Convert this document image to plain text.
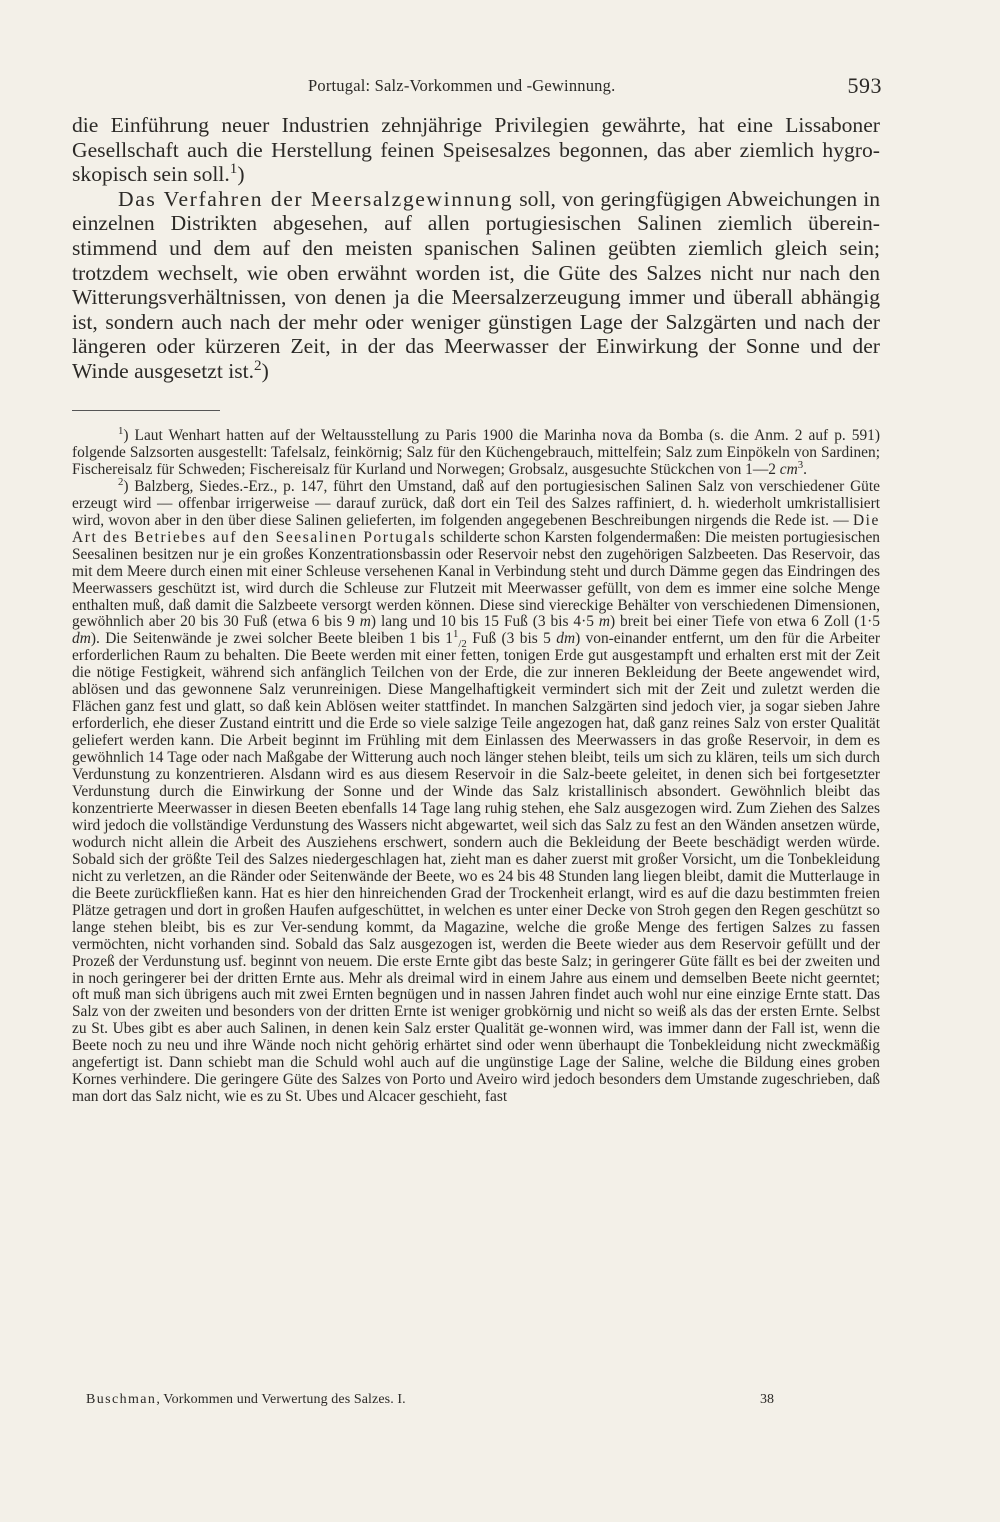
Portugal: Salz-Vorkommen und -Gewinnung.	593

die Einführung neuer Industrien zehnjährige Privilegien gewährte, hat eine Lissaboner Gesellschaft auch die Herstellung feinen Speisesalzes begonnen, das aber ziemlich hygro-skopisch sein soll.$^1$)

Das Verfahren der Meersalzgewinnung soll, von geringfügigen Abweichungen in einzelnen Distrikten abgesehen, auf allen portugiesischen Salinen ziemlich überein-stimmend und dem auf den meisten spanischen Salinen geübten ziemlich gleich sein; trotzdem wechselt, wie oben erwähnt worden ist, die Güte des Salzes nicht nur nach den Witterungsverhältnissen, von denen ja die Meersalzerzeugung immer und überall abhängig ist, sondern auch nach der mehr oder weniger günstigen Lage der Salzgärten und nach der längeren oder kürzeren Zeit, in der das Meerwasser der Einwirkung der Sonne und der Winde ausgesetzt ist.$^2$)

$^1$) Laut Wenhart hatten auf der Weltausstellung zu Paris 1900 die Marinha nova da Bomba (s. die Anm. 2 auf p. 591) folgende Salzsorten ausgestellt: Tafelsalz, feinkörnig; Salz für den Küchengebrauch, mittelfein; Salz zum Einpökeln von Sardinen; Fischereisalz für Schweden; Fischereisalz für Kurland und Norwegen; Grobsalz, ausgesuchte Stückchen von 1—2 $cm^3$.

$^2$) Balzberg, Siedes.-Erz., p. 147, führt den Umstand, daß auf den portugiesischen Salinen Salz von verschiedener Güte erzeugt wird — offenbar irrigerweise — darauf zurück, daß dort ein Teil des Salzes raffiniert, d. h. wiederholt umkristallisiert wird, wovon aber in den über diese Salinen gelieferten, im folgenden angegebenen Beschreibungen nirgends die Rede ist. — Die Art des Betriebes auf den Seesalinen Portugals schilderte schon Karsten folgendermaßen: Die meisten portugiesischen Seesalinen besitzen nur je ein großes Konzentrationsbassin oder Reservoir nebst den zugehörigen Salzbeeten. Das Reservoir, das mit dem Meere durch einen mit einer Schleuse versehenen Kanal in Verbindung steht und durch Dämme gegen das Eindringen des Meerwassers geschützt ist, wird durch die Schleuse zur Flutzeit mit Meerwasser gefüllt, von dem es immer eine solche Menge enthalten muß, daß damit die Salzbeete versorgt werden können. Diese sind viereckige Behälter von verschiedenen Dimensionen, gewöhnlich aber 20 bis 30 Fuß (etwa 6 bis 9 m) lang und 10 bis 15 Fuß (3 bis 4·5 m) breit bei einer Tiefe von etwa 6 Zoll (1·5 dm). Die Seitenwände je zwei solcher Beete bleiben 1 bis $1^1_{/2}$ Fuß (3 bis 5 dm) von-einander entfernt, um den für die Arbeiter erforderlichen Raum zu behalten. Die Beete werden mit einer fetten, tonigen Erde gut ausgestampft und erhalten erst mit der Zeit die nötige Festigkeit, während sich anfänglich Teilchen von der Erde, die zur inneren Bekleidung der Beete angewendet wird, ablösen und das gewonnene Salz verunreinigen. Diese Mangelhaftigkeit vermindert sich mit der Zeit und zuletzt werden die Flächen ganz fest und glatt, so daß kein Ablösen weiter stattfindet. In manchen Salzgärten sind jedoch vier, ja sogar sieben Jahre erforderlich, ehe dieser Zustand eintritt und die Erde so viele salzige Teile angezogen hat, daß ganz reines Salz von erster Qualität geliefert werden kann. Die Arbeit beginnt im Frühling mit dem Einlassen des Meerwassers in das große Reservoir, in dem es gewöhnlich 14 Tage oder nach Maßgabe der Witterung auch noch länger stehen bleibt, teils um sich zu klären, teils um sich durch Verdunstung zu konzentrieren. Alsdann wird es aus diesem Reservoir in die Salz-beete geleitet, in denen sich bei fortgesetzter Verdunstung durch die Einwirkung der Sonne und der Winde das Salz kristallinisch absondert. Gewöhnlich bleibt das konzentrierte Meerwasser in diesen Beeten ebenfalls 14 Tage lang ruhig stehen, ehe Salz ausgezogen wird. Zum Ziehen des Salzes wird jedoch die vollständige Verdunstung des Wassers nicht abgewartet, weil sich das Salz zu fest an den Wänden ansetzen würde, wodurch nicht allein die Arbeit des Ausziehens erschwert, sondern auch die Bekleidung der Beete beschädigt werden würde. Sobald sich der größte Teil des Salzes niedergeschlagen hat, zieht man es daher zuerst mit großer Vorsicht, um die Tonbekleidung nicht zu verletzen, an die Ränder oder Seitenwände der Beete, wo es 24 bis 48 Stunden lang liegen bleibt, damit die Mutterlauge in die Beete zurückfließen kann. Hat es hier den hinreichenden Grad der Trockenheit erlangt, wird es auf die dazu bestimmten freien Plätze getragen und dort in großen Haufen aufgeschüttet, in welchen es unter einer Decke von Stroh gegen den Regen geschützt so lange stehen bleibt, bis es zur Ver-sendung kommt, da Magazine, welche die große Menge des fertigen Salzes zu fassen vermöchten, nicht vorhanden sind. Sobald das Salz ausgezogen ist, werden die Beete wieder aus dem Reservoir gefüllt und der Prozeß der Verdunstung usf. beginnt von neuem. Die erste Ernte gibt das beste Salz; in geringerer Güte fällt es bei der zweiten und in noch geringerer bei der dritten Ernte aus. Mehr als dreimal wird in einem Jahre aus einem und demselben Beete nicht geerntet; oft muß man sich übrigens auch mit zwei Ernten begnügen und in nassen Jahren findet auch wohl nur eine einzige Ernte statt. Das Salz von der zweiten und besonders von der dritten Ernte ist weniger grobkörnig und nicht so weiß als das der ersten Ernte. Selbst zu St. Ubes gibt es aber auch Salinen, in denen kein Salz erster Qualität ge-wonnen wird, was immer dann der Fall ist, wenn die Beete noch zu neu und ihre Wände noch nicht gehörig erhärtet sind oder wenn überhaupt die Tonbekleidung nicht zweckmäßig angefertigt ist. Dann schiebt man die Schuld wohl auch auf die ungünstige Lage der Saline, welche die Bildung eines groben Kornes verhindere. Die geringere Güte des Salzes von Porto und Aveiro wird jedoch besonders dem Umstande zugeschrieben, daß man dort das Salz nicht, wie es zu St. Ubes und Alcacer geschieht, fast

Buschman, Vorkommen und Verwertung des Salzes. I.	38
